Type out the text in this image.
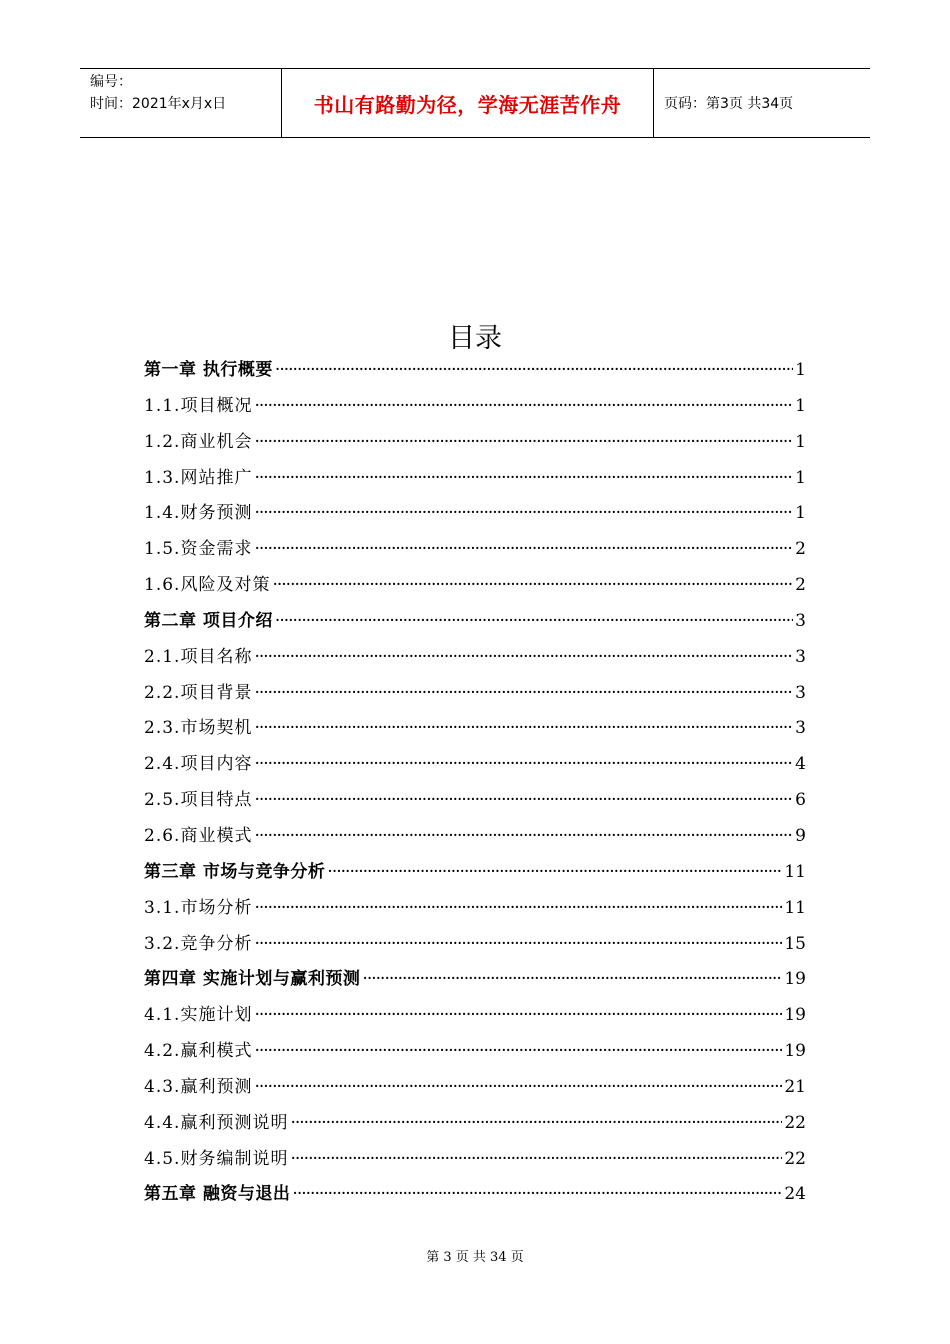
编号：
时间：2021年x月x日	书山有路勤为径，学海无涯苦作舟	页码：第3页 共34页
目录
第一章 执行概要 ·····	1
1.1.项目概况 ·····	1
1.2.商业机会 ·····	1
1.3.网站推广 ·····	1
1.4.财务预测 ·····	1
1.5.资金需求 ·····	2
1.6.风险及对策 ·····	2
第二章 项目介绍 ·····	3
2.1.项目名称 ·····	3
2.2.项目背景 ·····	3
2.3.市场契机 ·····	3
2.4.项目内容 ·····	4
2.5.项目特点 ·····	6
2.6.商业模式 ·····	9
第三章 市场与竞争分析 ·····	11
3.1.市场分析 ·····	11
3.2.竞争分析 ·····	15
第四章 实施计划与赢利预测 ·····	19
4.1.实施计划 ·····	19
4.2.赢利模式 ·····	19
4.3.赢利预测 ·····	21
4.4.赢利预测说明 ·····	22
4.5.财务编制说明 ·····	22
第五章 融资与退出 ·····	24
第 3 页 共 34 页
